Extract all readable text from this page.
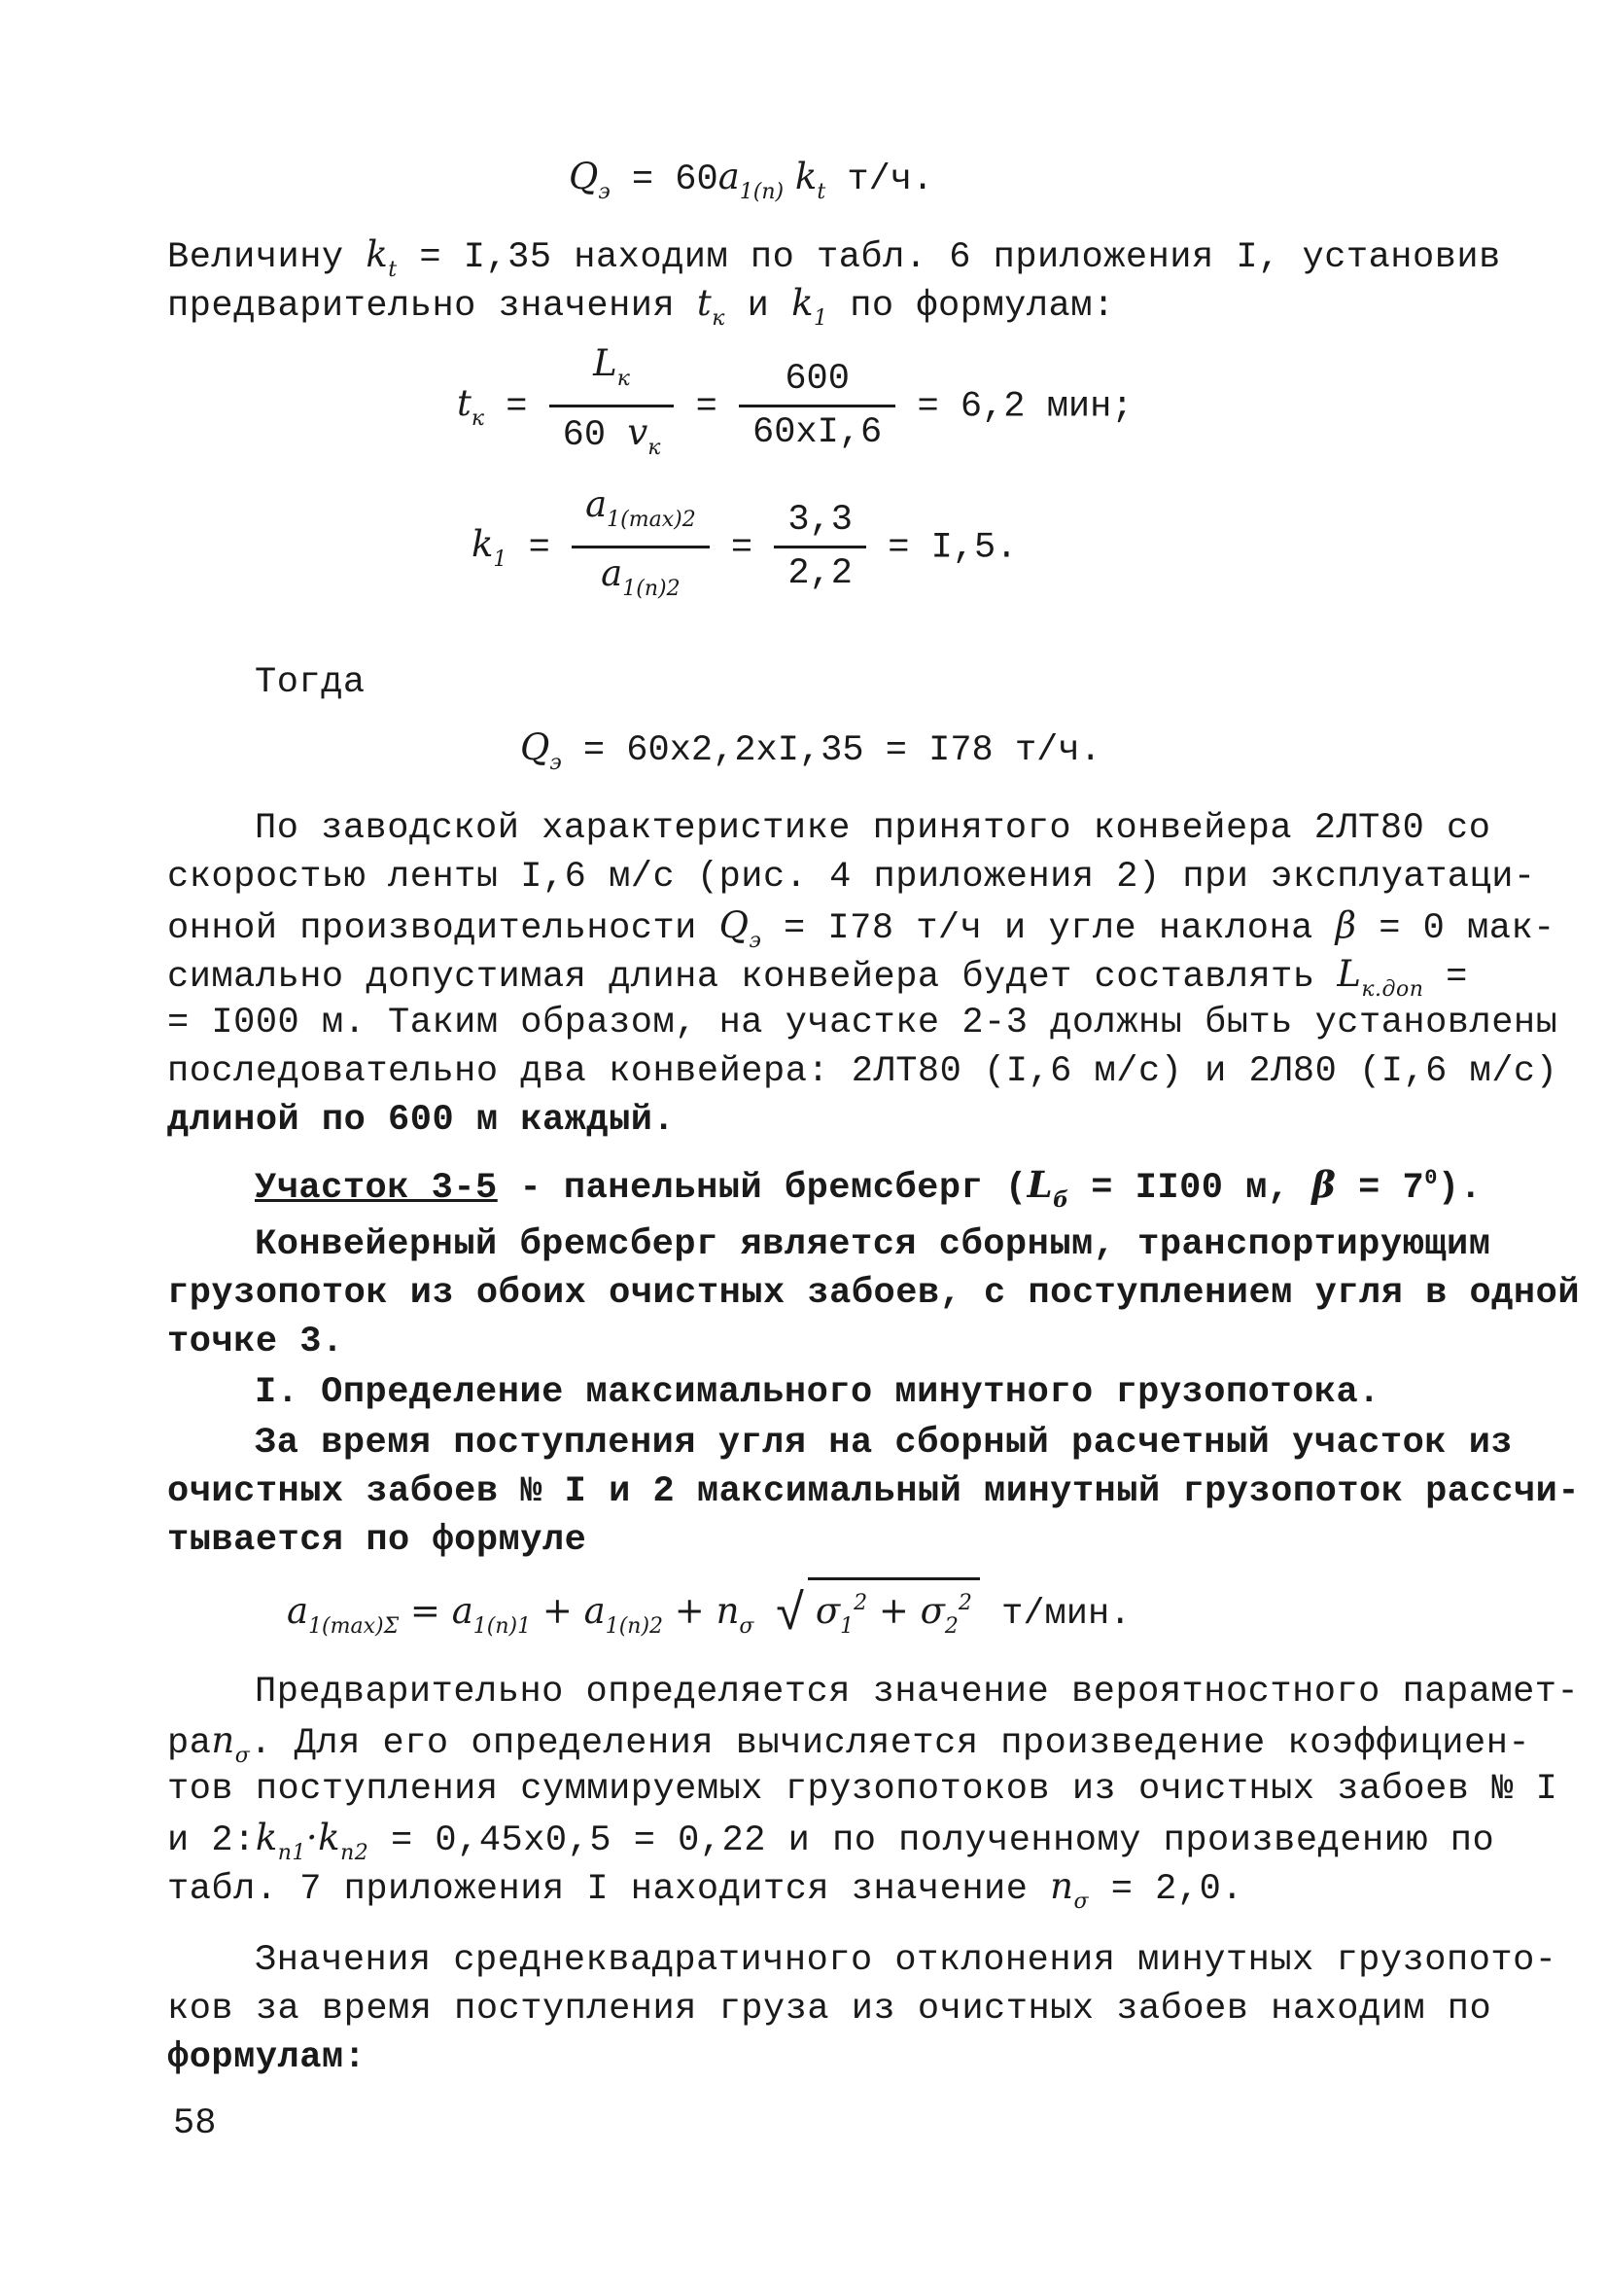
$Q_э = 60a_{1(n)}$ $k_t$ т/ч.
Величину $k_t = I,35$ находим по табл. 6 приложения I, установив
предварительно значения $t_к$ и $k_1$ по формулам:
$t_к = \frac{L_к}{60 v_к} = \frac{600}{60xI,6} = 6,2$ мин;
$k_1 = \frac{a_{1(max)2}}{a_{1(n)2}} = \frac{3,3}{2,2} = I,5$.
Тогда
$Q_э = 60x2,2xI,35 = I78$ т/ч.
По заводской характеристике принятого конвейера 2ЛТ80 со
скоростью ленты I,6 м/с (рис. 4 приложения 2) при эксплуатаци-
онной производительности $Q_э = I78$ т/ч и угле наклона β = 0 мак-
симально допустимая длина конвейера будет составлять $L_{к.доп}$ =
= I000 м. Таким образом, на участке 2-3 должны быть установлены
последовательно два конвейера: 2ЛТ80 (I,6 м/с) и 2Л80 (I,6 м/с)
длиной по 600 м каждый.
Участок 3-5 - панельный бремсберг ($L_б = II00$ м, $\beta = 7^0$).
Конвейерный бремсберг является сборным, транспортирующим
грузопоток из обоих очистных забоев, с поступлением угля в одной
точке 3.
I. Определение максимального минутного грузопотока.
За время поступления угля на сборный расчетный участок из
очистных забоев № I и 2 максимальный минутный грузопоток рассчи-
тывается по формуле
$a_{1(max)\Sigma} = a_{1(n)1} + a_{1(n)2} + n_\sigma$ √ $\sigma_1^2 + \sigma_2^2$ т/мин.
Предварительно определяется значение вероятностного парамет-
раn$_\sigma$. Для его определения вычисляется произведение коэффициен-
тов поступления суммируемых грузопотоков из очистных забоев № I
и $2:k_{n1}\cdot k_{n2} = 0,45x0,5 = 0,22$ и по полученному произведению по
табл. 7 приложения I находится значение $n_\sigma = 2,0$.
Значения среднеквадратичного отклонения минутных грузопото-
ков за время поступления груза из очистных забоев находим по
формулам:
58
